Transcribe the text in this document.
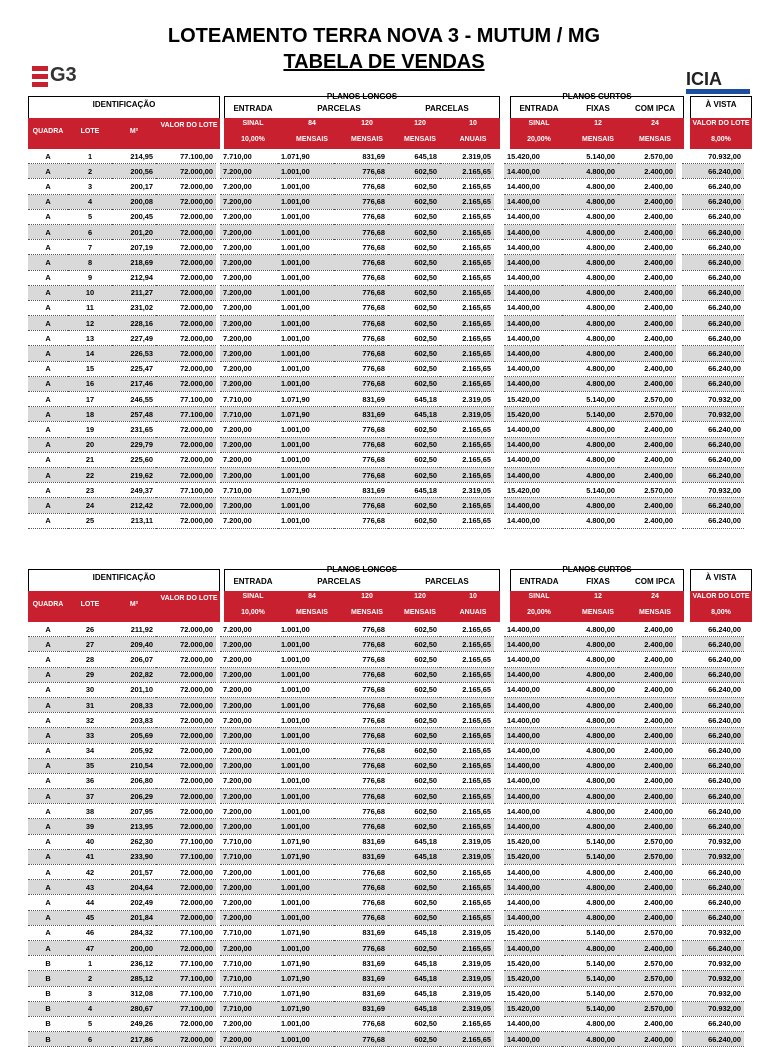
LOTEAMENTO TERRA NOVA 3 - MUTUM / MG
TABELA DE VENDAS
G3	ICIA
IDENTIFICAÇÃO
QUADRA	LOTE	M²
VALOR DO LOTE
PLANOS LONGOS
ENTRADA	PARCELAS	PARCELAS
SINAL
10,00%
84
MENSAIS
120
MENSAIS
120
MENSAIS
10
ANUAIS
PLANOS CURTOS
ENTRADA	FIXAS	COM IPCA
SINAL
20,00%
12
MENSAIS
24
MENSAIS
À VISTA
VALOR DO LOTE
8,00%
A	1	214,95	77.100,00		7.710,00	1.071,90	831,69	645,18	2.319,05		15.420,00	5.140,00	2.570,00		70.932,00
A	2	200,56	72.000,00		7.200,00	1.001,00	776,68	602,50	2.165,65		14.400,00	4.800,00	2.400,00		66.240,00
A	3	200,17	72.000,00		7.200,00	1.001,00	776,68	602,50	2.165,65		14.400,00	4.800,00	2.400,00		66.240,00
A	4	200,08	72.000,00		7.200,00	1.001,00	776,68	602,50	2.165,65		14.400,00	4.800,00	2.400,00		66.240,00
A	5	200,45	72.000,00		7.200,00	1.001,00	776,68	602,50	2.165,65		14.400,00	4.800,00	2.400,00		66.240,00
A	6	201,20	72.000,00		7.200,00	1.001,00	776,68	602,50	2.165,65		14.400,00	4.800,00	2.400,00		66.240,00
A	7	207,19	72.000,00		7.200,00	1.001,00	776,68	602,50	2.165,65		14.400,00	4.800,00	2.400,00		66.240,00
A	8	218,69	72.000,00		7.200,00	1.001,00	776,68	602,50	2.165,65		14.400,00	4.800,00	2.400,00		66.240,00
A	9	212,94	72.000,00		7.200,00	1.001,00	776,68	602,50	2.165,65		14.400,00	4.800,00	2.400,00		66.240,00
A	10	211,27	72.000,00		7.200,00	1.001,00	776,68	602,50	2.165,65		14.400,00	4.800,00	2.400,00		66.240,00
A	11	231,02	72.000,00		7.200,00	1.001,00	776,68	602,50	2.165,65		14.400,00	4.800,00	2.400,00		66.240,00
A	12	228,16	72.000,00		7.200,00	1.001,00	776,68	602,50	2.165,65		14.400,00	4.800,00	2.400,00		66.240,00
A	13	227,49	72.000,00		7.200,00	1.001,00	776,68	602,50	2.165,65		14.400,00	4.800,00	2.400,00		66.240,00
A	14	226,53	72.000,00		7.200,00	1.001,00	776,68	602,50	2.165,65		14.400,00	4.800,00	2.400,00		66.240,00
A	15	225,47	72.000,00		7.200,00	1.001,00	776,68	602,50	2.165,65		14.400,00	4.800,00	2.400,00		66.240,00
A	16	217,46	72.000,00		7.200,00	1.001,00	776,68	602,50	2.165,65		14.400,00	4.800,00	2.400,00		66.240,00
A	17	246,55	77.100,00		7.710,00	1.071,90	831,69	645,18	2.319,05		15.420,00	5.140,00	2.570,00		70.932,00
A	18	257,48	77.100,00		7.710,00	1.071,90	831,69	645,18	2.319,05		15.420,00	5.140,00	2.570,00		70.932,00
A	19	231,65	72.000,00		7.200,00	1.001,00	776,68	602,50	2.165,65		14.400,00	4.800,00	2.400,00		66.240,00
A	20	229,79	72.000,00		7.200,00	1.001,00	776,68	602,50	2.165,65		14.400,00	4.800,00	2.400,00		66.240,00
A	21	225,60	72.000,00		7.200,00	1.001,00	776,68	602,50	2.165,65		14.400,00	4.800,00	2.400,00		66.240,00
A	22	219,62	72.000,00		7.200,00	1.001,00	776,68	602,50	2.165,65		14.400,00	4.800,00	2.400,00		66.240,00
A	23	249,37	77.100,00		7.710,00	1.071,90	831,69	645,18	2.319,05		15.420,00	5.140,00	2.570,00		70.932,00
A	24	212,42	72.000,00		7.200,00	1.001,00	776,68	602,50	2.165,65		14.400,00	4.800,00	2.400,00		66.240,00
A	25	213,11	72.000,00		7.200,00	1.001,00	776,68	602,50	2.165,65		14.400,00	4.800,00	2.400,00		66.240,00
IDENTIFICAÇÃO
QUADRA	LOTE	M²
VALOR DO LOTE
PLANOS LONGOS
ENTRADA	PARCELAS	PARCELAS
SINAL
10,00%
84
MENSAIS
120
MENSAIS
120
MENSAIS
10
ANUAIS
PLANOS CURTOS
ENTRADA	FIXAS	COM IPCA
SINAL
20,00%
12
MENSAIS
24
MENSAIS
À VISTA
VALOR DO LOTE
8,00%
A	26	211,92	72.000,00		7.200,00	1.001,00	776,68	602,50	2.165,65		14.400,00	4.800,00	2.400,00		66.240,00
A	27	209,40	72.000,00		7.200,00	1.001,00	776,68	602,50	2.165,65		14.400,00	4.800,00	2.400,00		66.240,00
A	28	206,07	72.000,00		7.200,00	1.001,00	776,68	602,50	2.165,65		14.400,00	4.800,00	2.400,00		66.240,00
A	29	202,82	72.000,00		7.200,00	1.001,00	776,68	602,50	2.165,65		14.400,00	4.800,00	2.400,00		66.240,00
A	30	201,10	72.000,00		7.200,00	1.001,00	776,68	602,50	2.165,65		14.400,00	4.800,00	2.400,00		66.240,00
A	31	208,33	72.000,00		7.200,00	1.001,00	776,68	602,50	2.165,65		14.400,00	4.800,00	2.400,00		66.240,00
A	32	203,83	72.000,00		7.200,00	1.001,00	776,68	602,50	2.165,65		14.400,00	4.800,00	2.400,00		66.240,00
A	33	205,69	72.000,00		7.200,00	1.001,00	776,68	602,50	2.165,65		14.400,00	4.800,00	2.400,00		66.240,00
A	34	205,92	72.000,00		7.200,00	1.001,00	776,68	602,50	2.165,65		14.400,00	4.800,00	2.400,00		66.240,00
A	35	210,54	72.000,00		7.200,00	1.001,00	776,68	602,50	2.165,65		14.400,00	4.800,00	2.400,00		66.240,00
A	36	206,80	72.000,00		7.200,00	1.001,00	776,68	602,50	2.165,65		14.400,00	4.800,00	2.400,00		66.240,00
A	37	206,29	72.000,00		7.200,00	1.001,00	776,68	602,50	2.165,65		14.400,00	4.800,00	2.400,00		66.240,00
A	38	207,95	72.000,00		7.200,00	1.001,00	776,68	602,50	2.165,65		14.400,00	4.800,00	2.400,00		66.240,00
A	39	213,95	72.000,00		7.200,00	1.001,00	776,68	602,50	2.165,65		14.400,00	4.800,00	2.400,00		66.240,00
A	40	262,30	77.100,00		7.710,00	1.071,90	831,69	645,18	2.319,05		15.420,00	5.140,00	2.570,00		70.932,00
A	41	233,90	77.100,00		7.710,00	1.071,90	831,69	645,18	2.319,05		15.420,00	5.140,00	2.570,00		70.932,00
A	42	201,57	72.000,00		7.200,00	1.001,00	776,68	602,50	2.165,65		14.400,00	4.800,00	2.400,00		66.240,00
A	43	204,64	72.000,00		7.200,00	1.001,00	776,68	602,50	2.165,65		14.400,00	4.800,00	2.400,00		66.240,00
A	44	202,49	72.000,00		7.200,00	1.001,00	776,68	602,50	2.165,65		14.400,00	4.800,00	2.400,00		66.240,00
A	45	201,84	72.000,00		7.200,00	1.001,00	776,68	602,50	2.165,65		14.400,00	4.800,00	2.400,00		66.240,00
A	46	284,32	77.100,00		7.710,00	1.071,90	831,69	645,18	2.319,05		15.420,00	5.140,00	2.570,00		70.932,00
A	47	200,00	72.000,00		7.200,00	1.001,00	776,68	602,50	2.165,65		14.400,00	4.800,00	2.400,00		66.240,00
B	1	236,12	77.100,00		7.710,00	1.071,90	831,69	645,18	2.319,05		15.420,00	5.140,00	2.570,00		70.932,00
B	2	285,12	77.100,00		7.710,00	1.071,90	831,69	645,18	2.319,05		15.420,00	5.140,00	2.570,00		70.932,00
B	3	312,08	77.100,00		7.710,00	1.071,90	831,69	645,18	2.319,05		15.420,00	5.140,00	2.570,00		70.932,00
B	4	280,67	77.100,00		7.710,00	1.071,90	831,69	645,18	2.319,05		15.420,00	5.140,00	2.570,00		70.932,00
B	5	249,26	72.000,00		7.200,00	1.001,00	776,68	602,50	2.165,65		14.400,00	4.800,00	2.400,00		66.240,00
B	6	217,86	72.000,00		7.200,00	1.001,00	776,68	602,50	2.165,65		14.400,00	4.800,00	2.400,00		66.240,00
